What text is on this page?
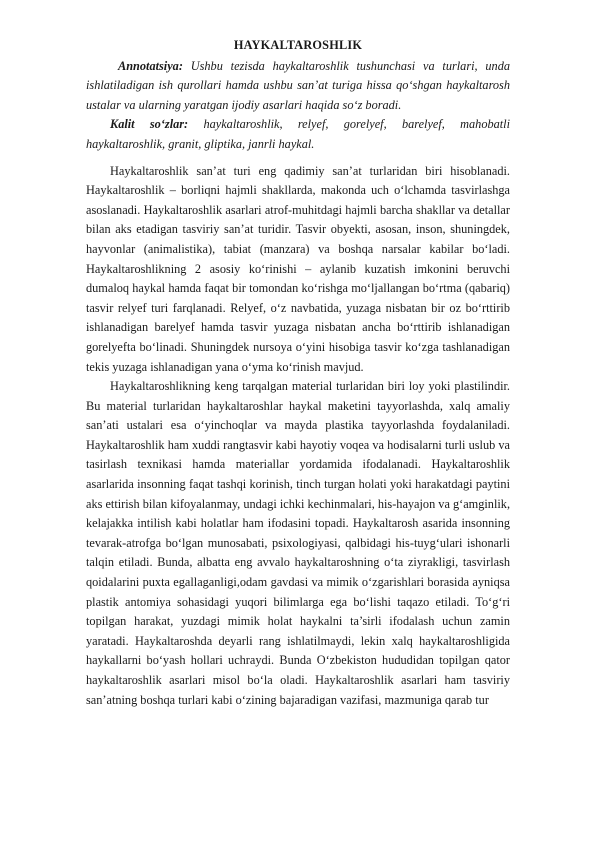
HAYKALTAROSHLIK

Annotatsiya: Ushbu tezisda haykaltaroshlik tushunchasi va turlari, unda ishlatiladigan ish qurollari hamda ushbu san’at turiga hissa qo‘shgan haykaltarosh ustalar va ularning yaratgan ijodiy asarlari haqida so‘z boradi.

Kalit so‘zlar: haykaltaroshlik, relyef, gorelyef, barelyef, mahobatli haykaltaroshlik, granit, gliptika, janrli haykal.

Haykaltaroshlik san’at turi eng qadimiy san’at turlaridan biri hisoblanadi. Haykaltaroshlik – borliqni hajmli shakllarda, makonda uch o‘lchamda tasvirlashga asoslanadi. Haykaltaroshlik asarlari atrof-muhitdagi hajmli barcha shakllar va detallar bilan aks etadigan tasviriy san’at turidir. Tasvir obyekti, asosan, inson, shuningdek, hayvonlar (animalistika), tabiat (manzara) va boshqa narsalar kabilar bo‘ladi. Haykaltaroshlikning 2 asosiy ko‘rinishi – aylanib kuzatish imkonini beruvchi dumaloq haykal hamda faqat bir tomondan ko‘rishga mo‘ljallangan bo‘rtma (qabariq) tasvir relyef turi farqlanadi. Relyef, o‘z navbatida, yuzaga nisbatan bir oz bo‘rttirib ishlanadigan barelyef hamda tasvir yuzaga nisbatan ancha bo‘rttirib ishlanadigan gorelyefta bo‘linadi. Shuningdek nursoya o‘yini hisobiga tasvir ko‘zga tashlanadigan tekis yuzaga ishlanadigan yana o‘yma ko‘rinish mavjud.

Haykaltaroshlikning keng tarqalgan material turlaridan biri loy yoki plastilindir. Bu material turlaridan haykaltaroshlar haykal maketini tayyorlashda, xalq amaliy san’ati ustalari esa o‘yinchoqlar va mayda plastika tayyorlashda foydalaniladi. Haykaltaroshlik ham xuddi rangtasvir kabi hayotiy voqea va hodisalarni turli uslub va tasirlash texnikasi hamda materiallar yordamida ifodalanadi. Haykaltaroshlik asarlarida insonning faqat tashqi korinish, tinch turgan holati yoki harakatdagi paytini aks ettirish bilan kifoyalanmay, undagi ichki kechinmalari, his-hayajon va g‘amginlik, kelajakka intilish kabi holatlar ham ifodasini topadi. Haykaltarosh asarida insonning tevarak-atrofga bo‘lgan munosabati, psixologiyasi, qalbidagi his-tuyg‘ulari ishonarli talqin etiladi. Bunda, albatta eng avvalo haykaltaroshning o‘ta ziyrakligi, tasvirlash qoidalarini puxta egallaganligi,odam gavdasi va mimik o‘zgarishlari borasida ayniqsa plastik antomiya sohasidagi yuqori bilimlarga ega bo‘lishi taqazo etiladi. To‘g‘ri topilgan harakat, yuzdagi mimik holat haykalni ta’sirli ifodalash uchun zamin yaratadi. Haykaltaroshda deyarli rang ishlatilmaydi, lekin xalq haykaltaroshligida haykallarni bo‘yash hollari uchraydi. Bunda O‘zbekiston hududidan topilgan qator haykaltaroshlik asarlari misol bo‘la oladi. Haykaltaroshlik asarlari ham tasviriy san’atning boshqa turlari kabi o‘zining bajaradigan vazifasi, mazmuniga qarab tur
